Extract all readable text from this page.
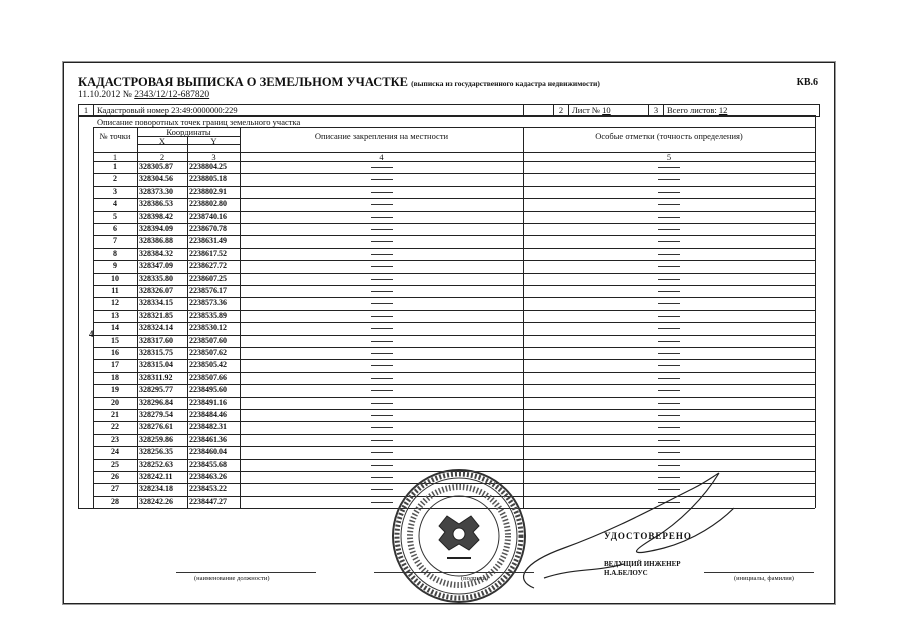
КАДАСТРОВАЯ ВЫПИСКА О ЗЕМЕЛЬНОМ УЧАСТКЕ (выписка из государственного кадастра недвижимости)	КВ.6
11.10.2012 № 2343/12/12-687820
1	Кадастровый номер 23:49:0000000:229	2	Лист № 10	3	Всего листов: 12
Описание поворотных точек границ земельного участка
№ точки	Координаты
X	Y	Описание закрепления на местности	Особые отметки (точность определения)
1	2	3	4	5
1	328305.87	2238804.25
2	328304.56	2238805.18
3	328373.30	2238802.91
4	328386.53	2238802.80
5	328398.42	2238740.16
6	328394.09	2238670.78
7	328386.88	2238631.49
8	328384.32	2238617.52
9	328347.09	2238627.72
10	328335.80	2238607.25
11	328326.07	2238576.17
12	328334.15	2238573.36
13	328321.85	2238535.89
14	328324.14	2238530.12
15	328317.60	2238507.60
16	328315.75	2238507.62
17	328315.04	2238505.42
18	328311.92	2238507.66
19	328295.77	2238495.60
20	328296.84	2238491.16
21	328279.54	2238484.46
22	328276.61	2238482.31
23	328259.86	2238461.36
24	328256.35	2238460.04
25	328252.63	2238455.68
26	328242.11	2238463.26
27	328234.18	2238453.22
28	328242.26	2238447.27
4
(наименование должности)	(подпись)	(инициалы, фамилия)
УДОСТОВЕРЕНО
ВЕДУЩИЙ ИНЖЕНЕР
Н.А.БЕЛОУС
